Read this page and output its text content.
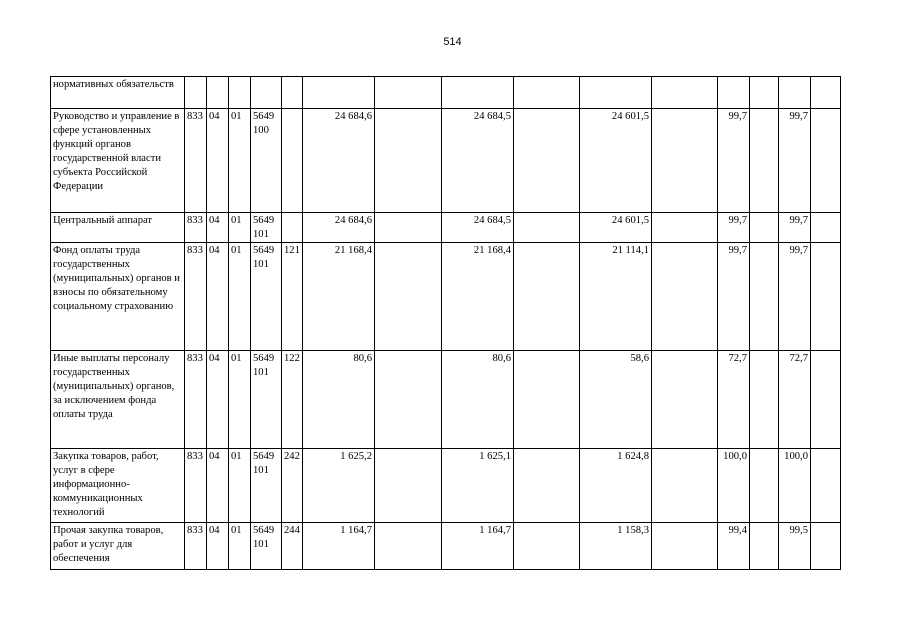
514
нормативных обязательств															
Руководство и управление в сфере установленных функций органов государственной власти субъекта Российской Федерации	833	04	01	5649 100		24 684,6		24 684,5		24 601,5		99,7		99,7	
Центральный аппарат	833	04	01	5649 101		24 684,6		24 684,5		24 601,5		99,7		99,7	
Фонд оплаты труда государственных (муниципальных) органов и взносы по обязательному социальному страхованию	833	04	01	5649 101	121	21 168,4		21 168,4		21 114,1		99,7		99,7	
Иные выплаты персоналу государственных (муниципальных) органов, за исключением фонда оплаты труда	833	04	01	5649 101	122	80,6		80,6		58,6		72,7		72,7	
Закупка товаров, работ, услуг в сфере информационно-коммуникационных технологий	833	04	01	5649 101	242	1 625,2		1 625,1		1 624,8		100,0		100,0	
Прочая закупка товаров, работ и услуг для обеспечения	833	04	01	5649 101	244	1 164,7		1 164,7		1 158,3		99,4		99,5	
